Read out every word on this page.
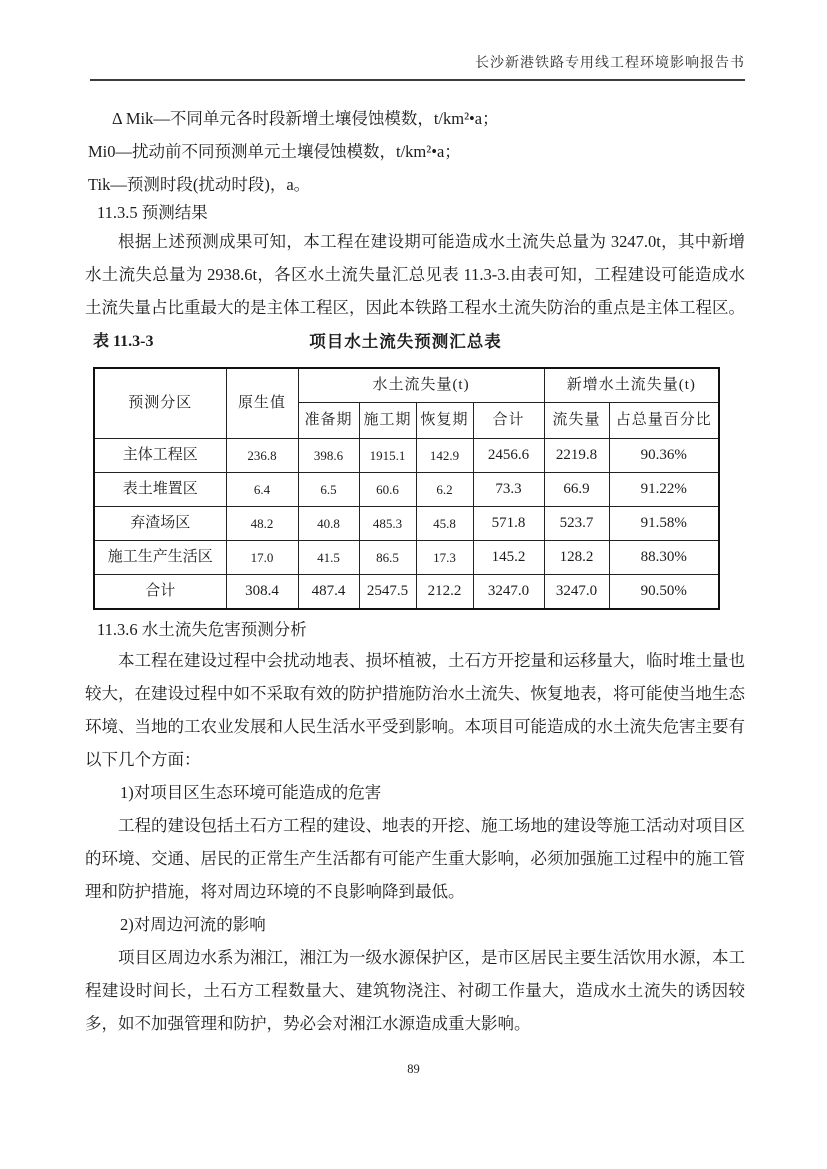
长沙新港铁路专用线工程环境影响报告书
Δ Mik—不同单元各时段新增土壤侵蚀模数，t/km²•a；
Mi0—扰动前不同预测单元土壤侵蚀模数，t/km²•a；
Tik—预测时段(扰动时段)，a。
11.3.5 预测结果

根据上述预测成果可知，本工程在建设期可能造成水土流失总量为 3247.0t，其中新增水土流失总量为 2938.6t，各区水土流失量汇总见表 11.3-3.由表可知，工程建设可能造成水土流失量占比重最大的是主体工程区，因此本铁路工程水土流失防治的重点是主体工程区。

表 11.3-3	项目水土流失预测汇总表
预测分区	原生值	水土流失量(t)				新增水土流失量(t)	
		准备期	施工期	恢复期	合计	流失量	占总量百分比
主体工程区	236.8	398.6	1915.1	142.9	2456.6	2219.8	90.36%
表土堆置区	6.4	6.5	60.6	6.2	73.3	66.9	91.22%
弃渣场区	48.2	40.8	485.3	45.8	571.8	523.7	91.58%
施工生产生活区	17.0	41.5	86.5	17.3	145.2	128.2	88.30%
合计	308.4	487.4	2547.5	212.2	3247.0	3247.0	90.50%
11.3.6 水土流失危害预测分析

本工程在建设过程中会扰动地表、损坏植被，土石方开挖量和运移量大，临时堆土量也较大，在建设过程中如不采取有效的防护措施防治水土流失、恢复地表，将可能使当地生态环境、当地的工农业发展和人民生活水平受到影响。本项目可能造成的水土流失危害主要有以下几个方面：

1)对项目区生态环境可能造成的危害

工程的建设包括土石方工程的建设、地表的开挖、施工场地的建设等施工活动对项目区的环境、交通、居民的正常生产生活都有可能产生重大影响，必须加强施工过程中的施工管理和防护措施，将对周边环境的不良影响降到最低。

2)对周边河流的影响

项目区周边水系为湘江，湘江为一级水源保护区，是市区居民主要生活饮用水源，本工程建设时间长，土石方工程数量大、建筑物浇注、衬砌工作量大，造成水土流失的诱因较多，如不加强管理和防护，势必会对湘江水源造成重大影响。

89
